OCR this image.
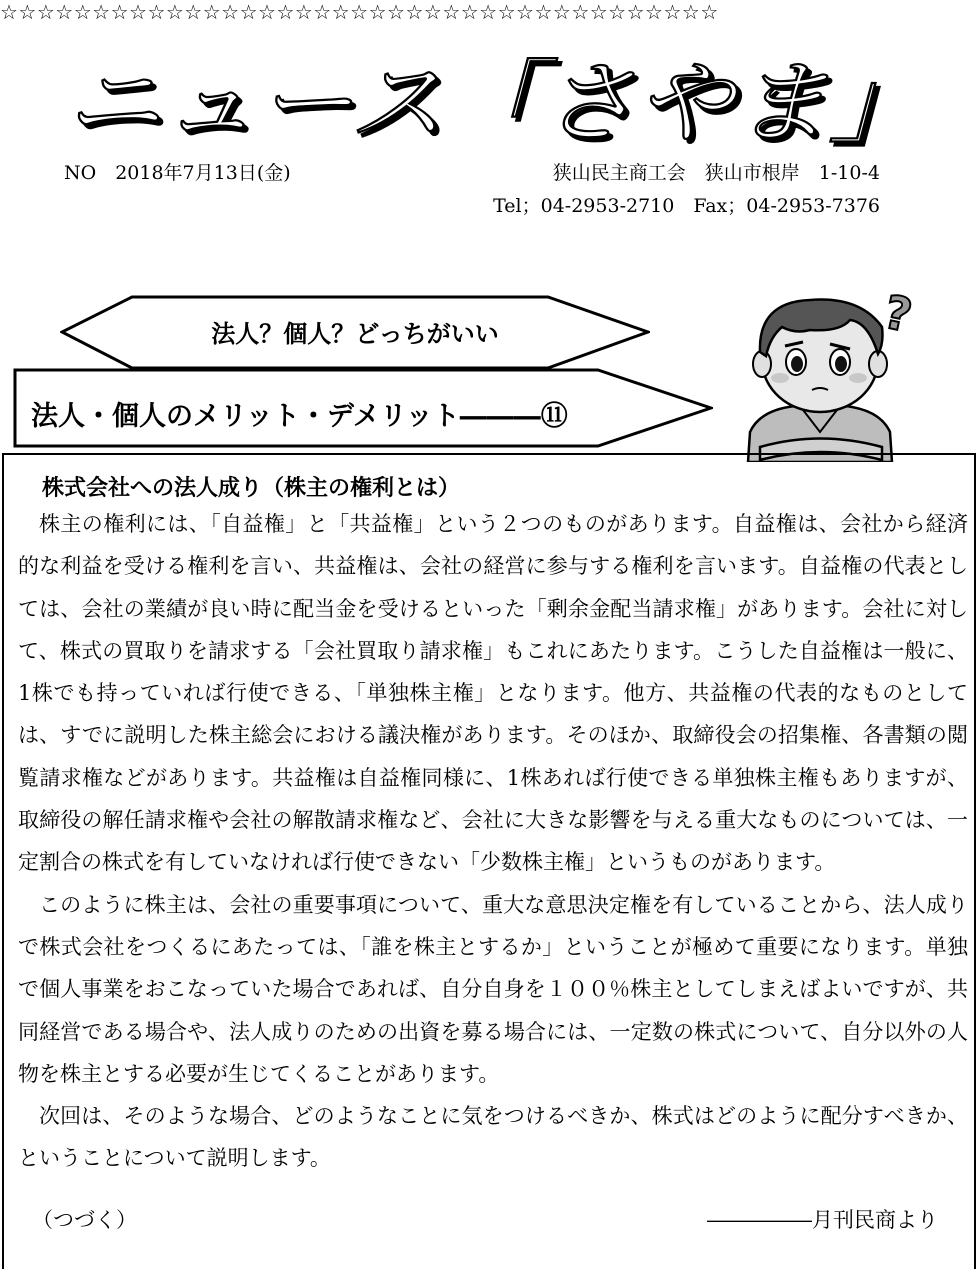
ニュース「さやま」
NO　2018年7月13日(金)	狭山民主商工会　狭山市根岸　1-10-4
Tel；04-2953-2710　Fax；04-2953-7376
☆☆☆☆☆☆☆☆☆☆☆☆☆☆☆☆☆☆☆☆☆☆☆☆☆☆☆☆☆☆☆☆☆☆☆☆☆☆☆
法人？個人？どっちがいい
法人・個人のメリット・デメリット―――⑪
?
株式会社への法人成り（株主の権利とは）

株主の権利には、「自益権」と「共益権」という２つのものがあります。自益権は、会社から経済的な利益を受ける権利を言い、共益権は、会社の経営に参与する権利を言います。自益権の代表としては、会社の業績が良い時に配当金を受けるといった「剰余金配当請求権」があります。会社に対して、株式の買取りを請求する「会社買取り請求権」もこれにあたります。こうした自益権は一般に、1株でも持っていれば行使できる、「単独株主権」となります。他方、共益権の代表的なものとしては、すでに説明した株主総会における議決権があります。そのほか、取締役会の招集権、各書類の閲覧請求権などがあります。共益権は自益権同様に、1株あれば行使できる単独株主権もありますが、取締役の解任請求権や会社の解散請求権など、会社に大きな影響を与える重大なものについては、一定割合の株式を有していなければ行使できない「少数株主権」というものがあります。

このように株主は、会社の重要事項について、重大な意思決定権を有していることから、法人成りで株式会社をつくるにあたっては、「誰を株主とするか」ということが極めて重要になります。単独で個人事業をおこなっていた場合であれば、自分自身を１００％株主としてしまえばよいですが、共同経営である場合や、法人成りのための出資を募る場合には、一定数の株式について、自分以外の人物を株主とする必要が生じてくることがあります。

次回は、そのような場合、どのようなことに気をつけるべきか、株式はどのように配分すべきか、ということについて説明します。

（つづく）	―――――月刊民商より
